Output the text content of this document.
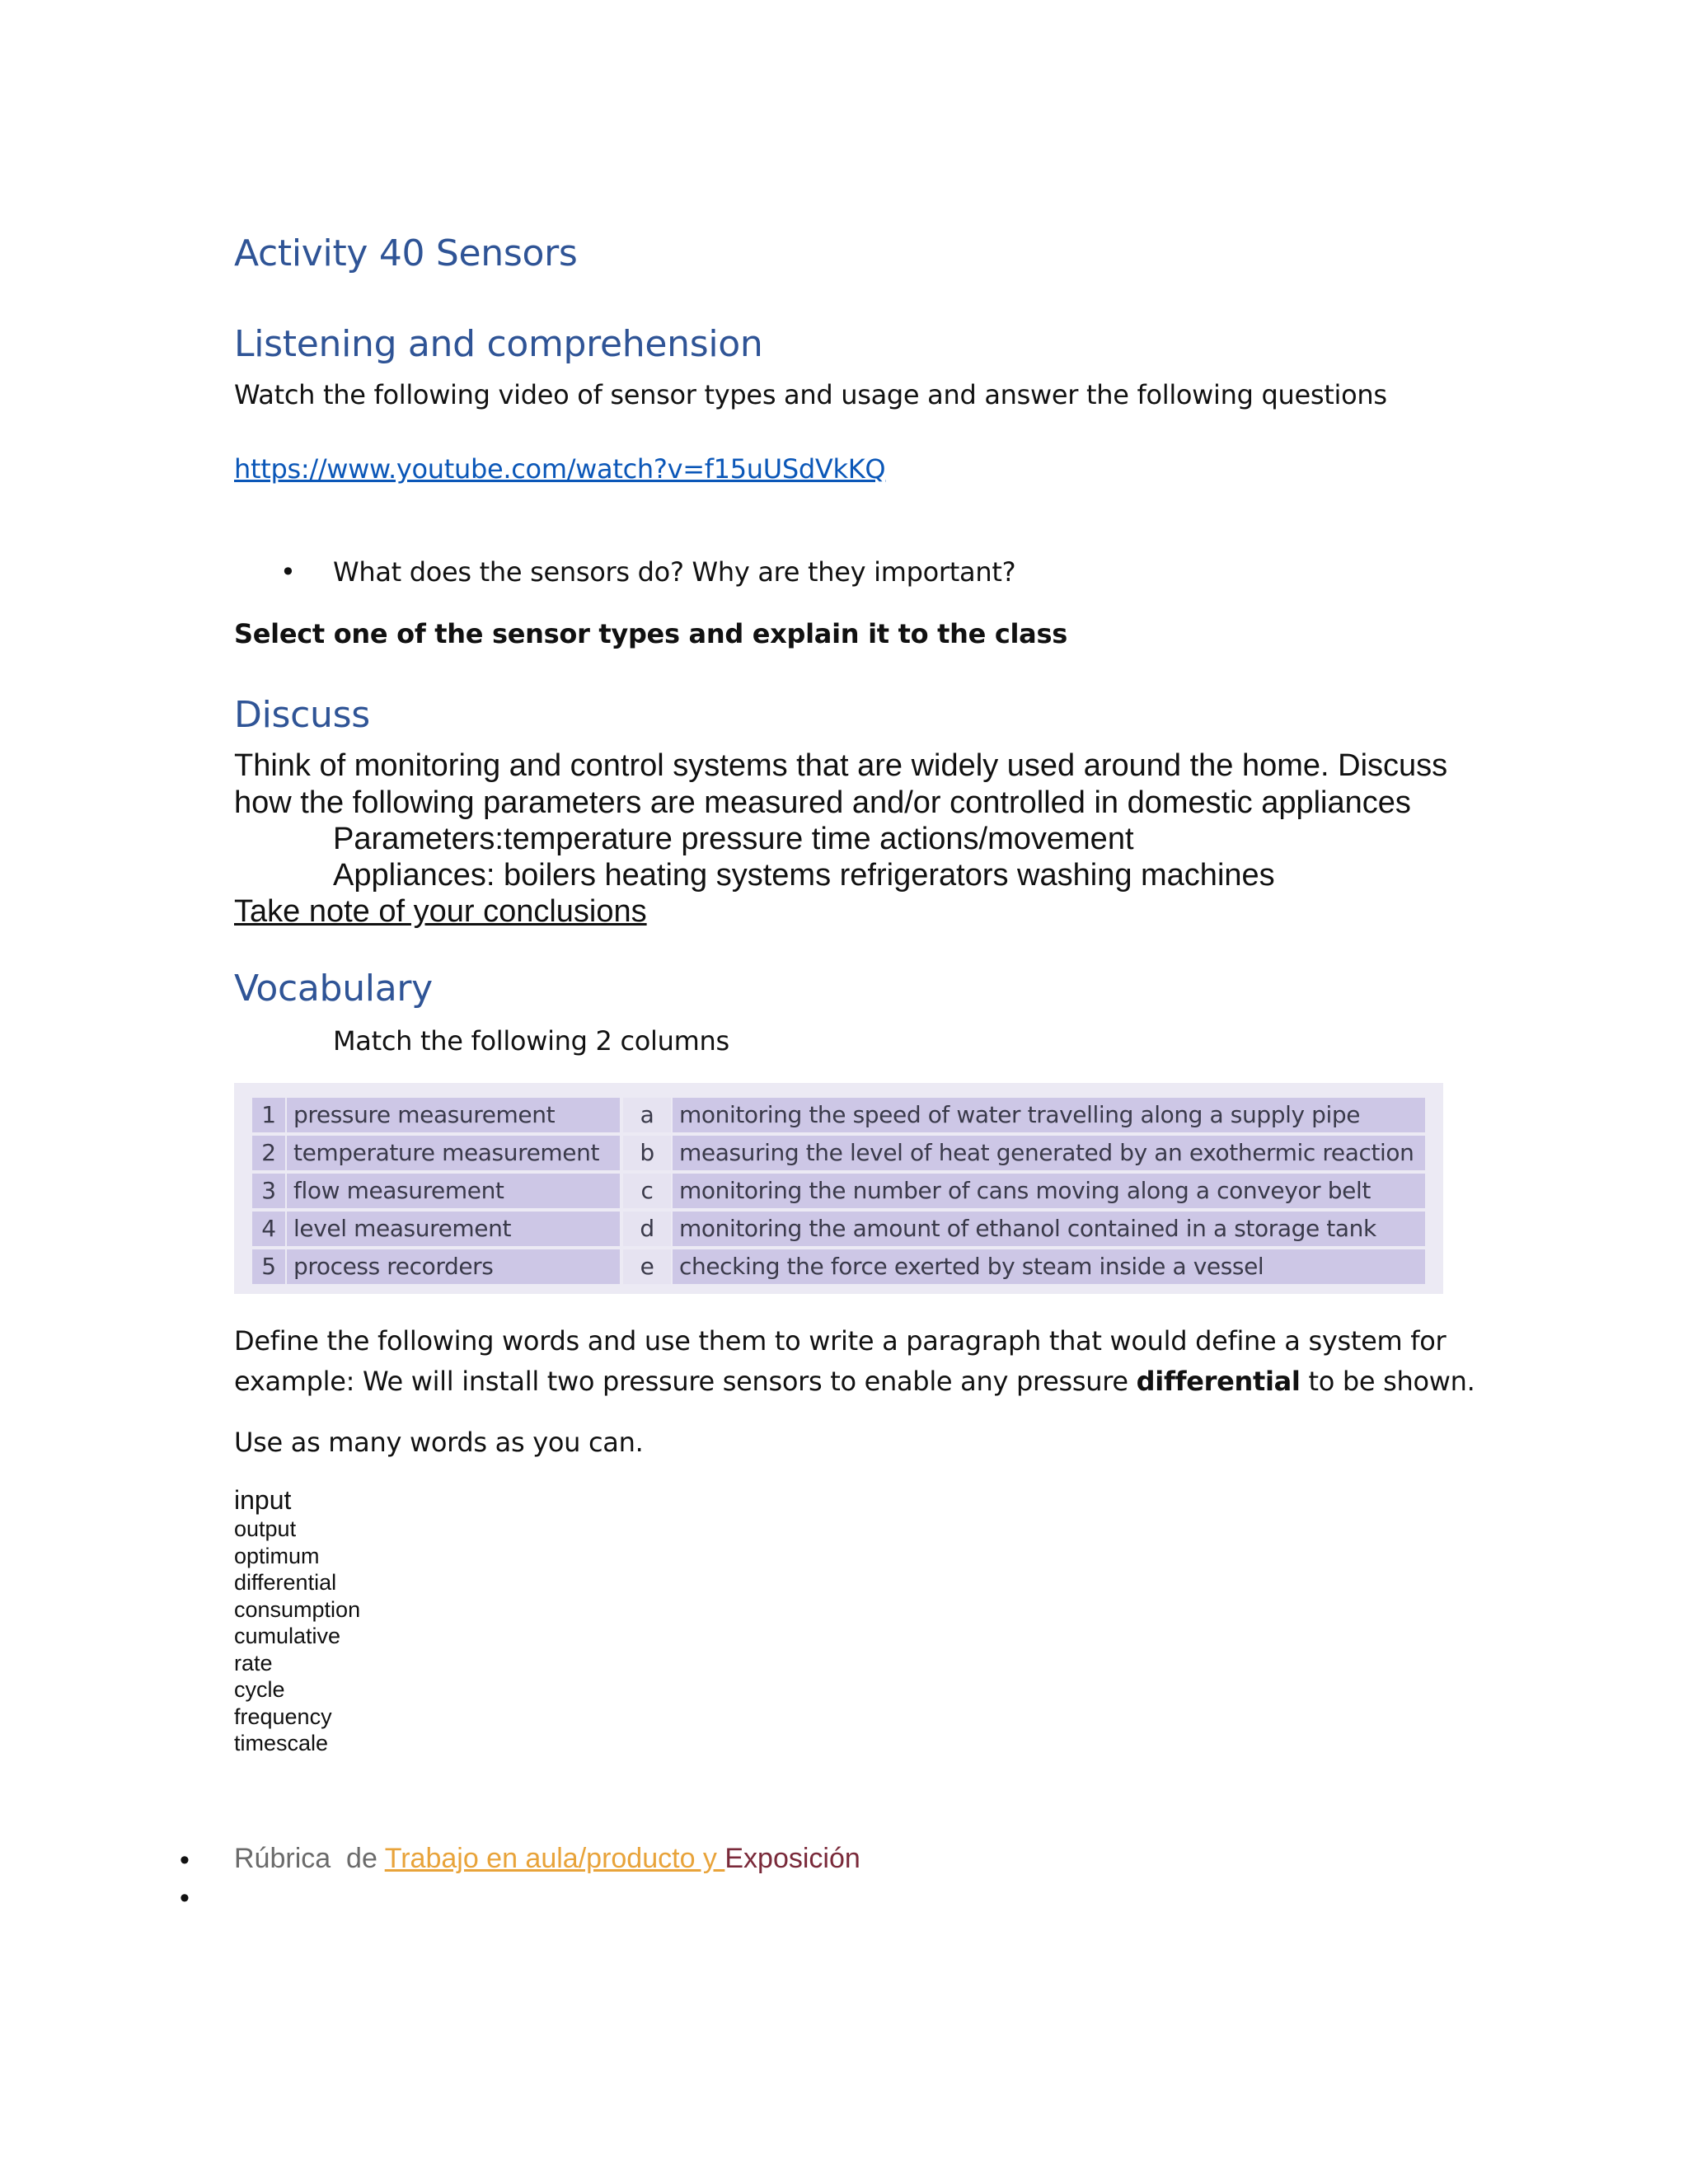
Activity 40 Sensors
Listening and comprehension
Watch the following video of sensor types and usage and answer the following questions
https://www.youtube.com/watch?v=f15uUSdVkKQ
• What does the sensors do? Why are they important?
Select one of the sensor types and explain it to the class
Discuss
Think of monitoring and control systems that are widely used around the home. Discuss
how the following parameters are measured and/or controlled in domestic appliances
Parameters:temperature pressure time actions/movement
Appliances: boilers heating systems refrigerators washing machines
Take note of your conclusions
Vocabulary
Match the following 2 columns
1 pressure measurement	a	monitoring the speed of water travelling along a supply pipe
2 temperature measurement	b	measuring the level of heat generated by an exothermic reaction
3 flow measurement	c	monitoring the number of cans moving along a conveyor belt
4 level measurement	d	monitoring the amount of ethanol contained in a storage tank
5 process recorders	e	checking the force exerted by steam inside a vessel
Define the following words and use them to write a paragraph that would define a system for
example: We will install two pressure sensors to enable any pressure differential to be shown.
Use as many words as you can.
input
output
optimum
differential
consumption
cumulative
rate
cycle
frequency
timescale
• Rúbrica  de Trabajo en aula/producto y Exposición
•
